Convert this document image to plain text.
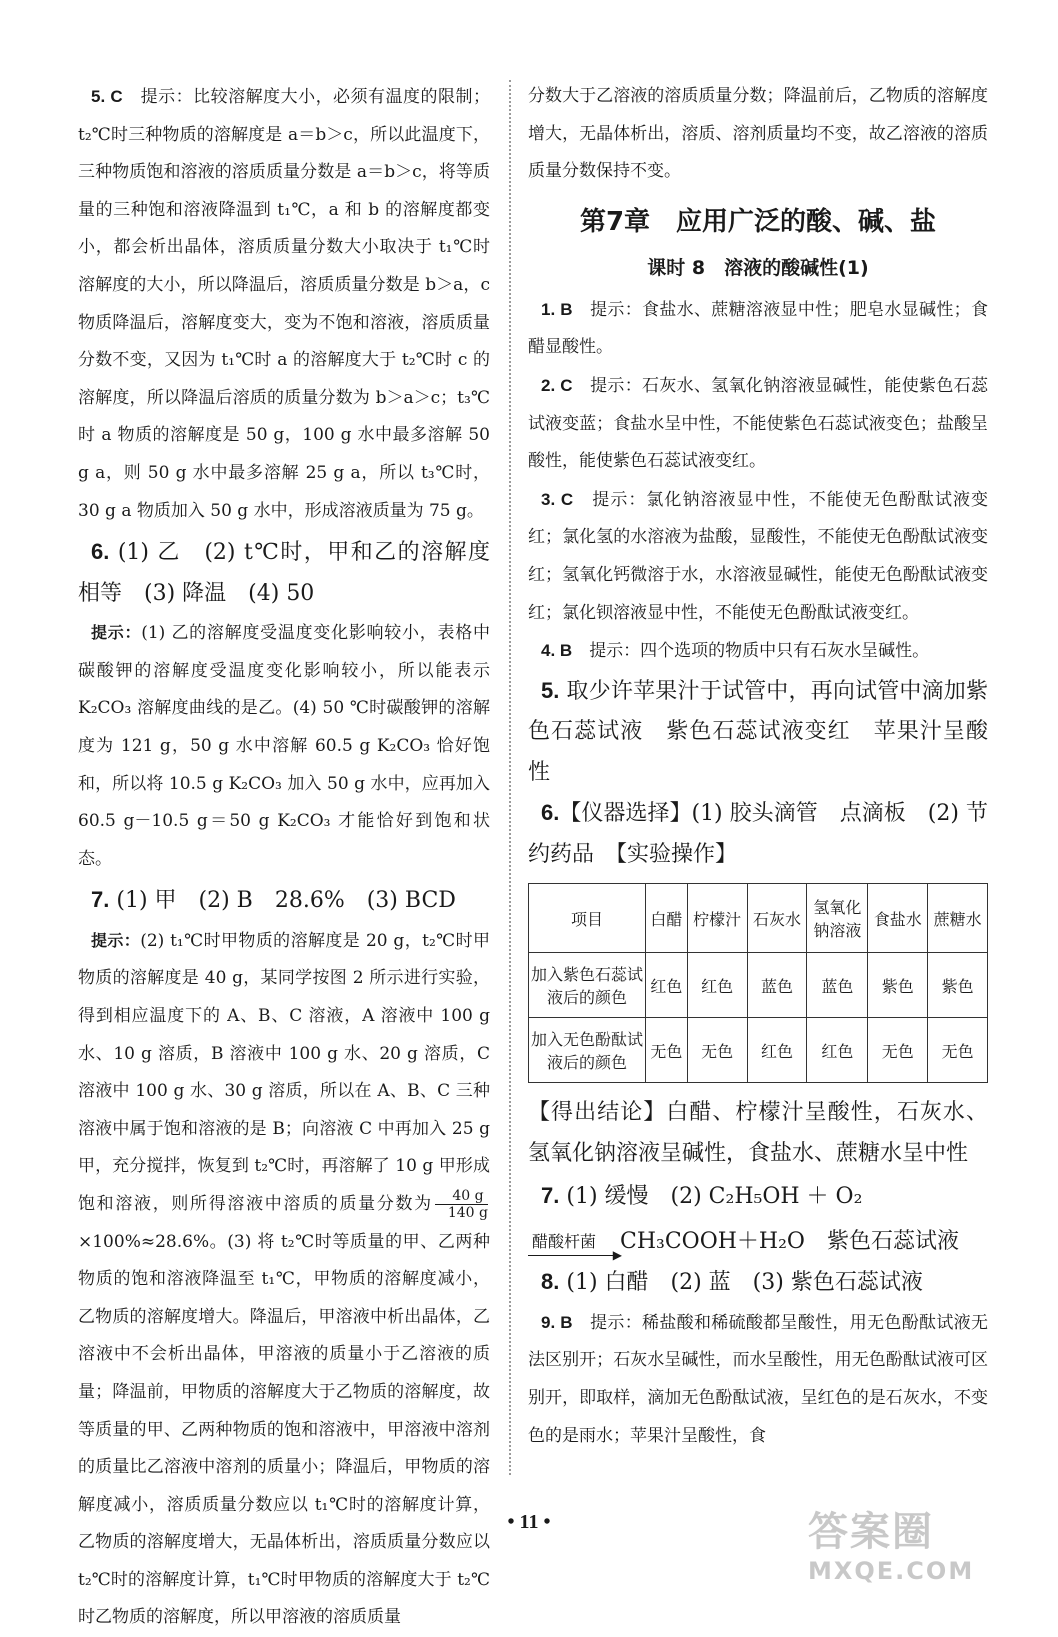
5. C　 提示：比较溶解度大小，必须有温度的限制；t₂℃时三种物质的溶解度是 a＝b＞c，所以此温度下，三种物质饱和溶液的溶质质量分数是 a＝b＞c，将等质量的三种饱和溶液降温到 t₁℃，a 和 b 的溶解度都变小，都会析出晶体，溶质质量分数大小取决于 t₁℃时溶解度的大小，所以降温后，溶质质量分数是 b＞a，c 物质降温后，溶解度变大，变为不饱和溶液，溶质质量分数不变，又因为 t₁℃时 a 的溶解度大于 t₂℃时 c 的溶解度，所以降温后溶质的质量分数为 b＞a＞c；t₃℃时 a 物质的溶解度是 50 g，100 g 水中最多溶解 50 g a，则 50 g 水中最多溶解 25 g a，所以 t₃℃时，30 g a 物质加入 50 g 水中，形成溶液质量为 75 g。

6. (1) 乙　(2) t℃时，甲和乙的溶解度相等　(3) 降温　(4) 50

提示：(1) 乙的溶解度受温度变化影响较小，表格中碳酸钾的溶解度受温度变化影响较小，所以能表示 K₂CO₃ 溶解度曲线的是乙。(4) 50 ℃时碳酸钾的溶解度为 121 g，50 g 水中溶解 60.5 g K₂CO₃ 恰好饱和，所以将 10.5 g K₂CO₃ 加入 50 g 水中，应再加入 60.5 g－10.5 g＝50 g K₂CO₃ 才能恰好到饱和状态。

7. (1) 甲　(2) B　28.6%　(3) BCD

提示：(2) t₁℃时甲物质的溶解度是 20 g，t₂℃时甲物质的溶解度是 40 g，某同学按图 2 所示进行实验，得到相应温度下的 A、B、C 溶液，A 溶液中 100 g 水、10 g 溶质，B 溶液中 100 g 水、20 g 溶质，C 溶液中 100 g 水、30 g 溶质，所以在 A、B、C 三种溶液中属于饱和溶液的是 B；向溶液 C 中再加入 25 g 甲，充分搅拌，恢复到 t₂℃时，再溶解了 10 g 甲形成饱和溶液，则所得溶液中溶质的质量分数为 $\frac{40 g}{140 g}$
×100%≈28.6%。(3) 将 t₂℃时等质量的甲、乙两种物质的饱和溶液降温至 t₁℃，甲物质的溶解度减小，乙物质的溶解度增大。降温后，甲溶液中析出晶体，乙溶液中不会析出晶体，甲溶液的质量小于乙溶液的质量；降温前，甲物质的溶解度大于乙物质的溶解度，故等质量的甲、乙两种物质的饱和溶液中，甲溶液中溶剂的质量比乙溶液中溶剂的质量小；降温后，甲物质的溶解度减小，溶质质量分数应以 t₁℃时的溶解度计算，乙物质的溶解度增大，无晶体析出，溶质质量分数应以 t₂℃时的溶解度计算，t₁℃时甲物质的溶解度大于 t₂℃时乙物质的溶解度，所以甲溶液的溶质质量

分数大于乙溶液的溶质质量分数；降温前后，乙物质的溶解度增大，无晶体析出，溶质、溶剂质量均不变，故乙溶液的溶质质量分数保持不变。

第7章　应用广泛的酸、碱、盐
课时 8　溶液的酸碱性(1)

1. B　 提示：食盐水、蔗糖溶液显中性；肥皂水显碱性；食醋显酸性。

2. C　 提示：石灰水、氢氧化钠溶液显碱性，能使紫色石蕊试液变蓝；食盐水呈中性，不能使紫色石蕊试液变色；盐酸呈酸性，能使紫色石蕊试液变红。

3. C　 提示：氯化钠溶液显中性，不能使无色酚酞试液变红；氯化氢的水溶液为盐酸，显酸性，不能使无色酚酞试液变红；氢氧化钙微溶于水，水溶液显碱性，能使无色酚酞试液变红；氯化钡溶液显中性，不能使无色酚酞试液变红。

4. B　 提示：四个选项的物质中只有石灰水呈碱性。

5. 取少许苹果汁于试管中，再向试管中滴加紫色石蕊试液　紫色石蕊试液变红　苹果汁呈酸性

6.【仪器选择】(1) 胶头滴管　点滴板　(2) 节约药品　【实验操作】

项目	白醋	柠檬汁	石灰水	氢氧化钠溶液	食盐水	蔗糖水
加入紫色石蕊试液后的颜色	红色	红色	蓝色	蓝色	紫色	紫色
加入无色酚酞试液后的颜色	无色	无色	红色	红色	无色	无色

【得出结论】白醋、柠檬汁呈酸性，石灰水、氢氧化钠溶液呈碱性，食盐水、蔗糖水呈中性

7. (1) 缓慢　(2) C₂H₅OH ＋ O₂

醋酸杆菌
▶
CH₃COOH＋H₂O　紫色石蕊试液

8. (1) 白醋　(2) 蓝　(3) 紫色石蕊试液

9. B　 提示：稀盐酸和稀硫酸都呈酸性，用无色酚酞试液无法区别开；石灰水呈碱性，而水呈酸性，用无色酚酞试液可区别开，即取样，滴加无色酚酞试液，呈红色的是石灰水，不变色的是雨水；苹果汁呈酸性，食

• 11 •	答案圈
MXQE.COM
